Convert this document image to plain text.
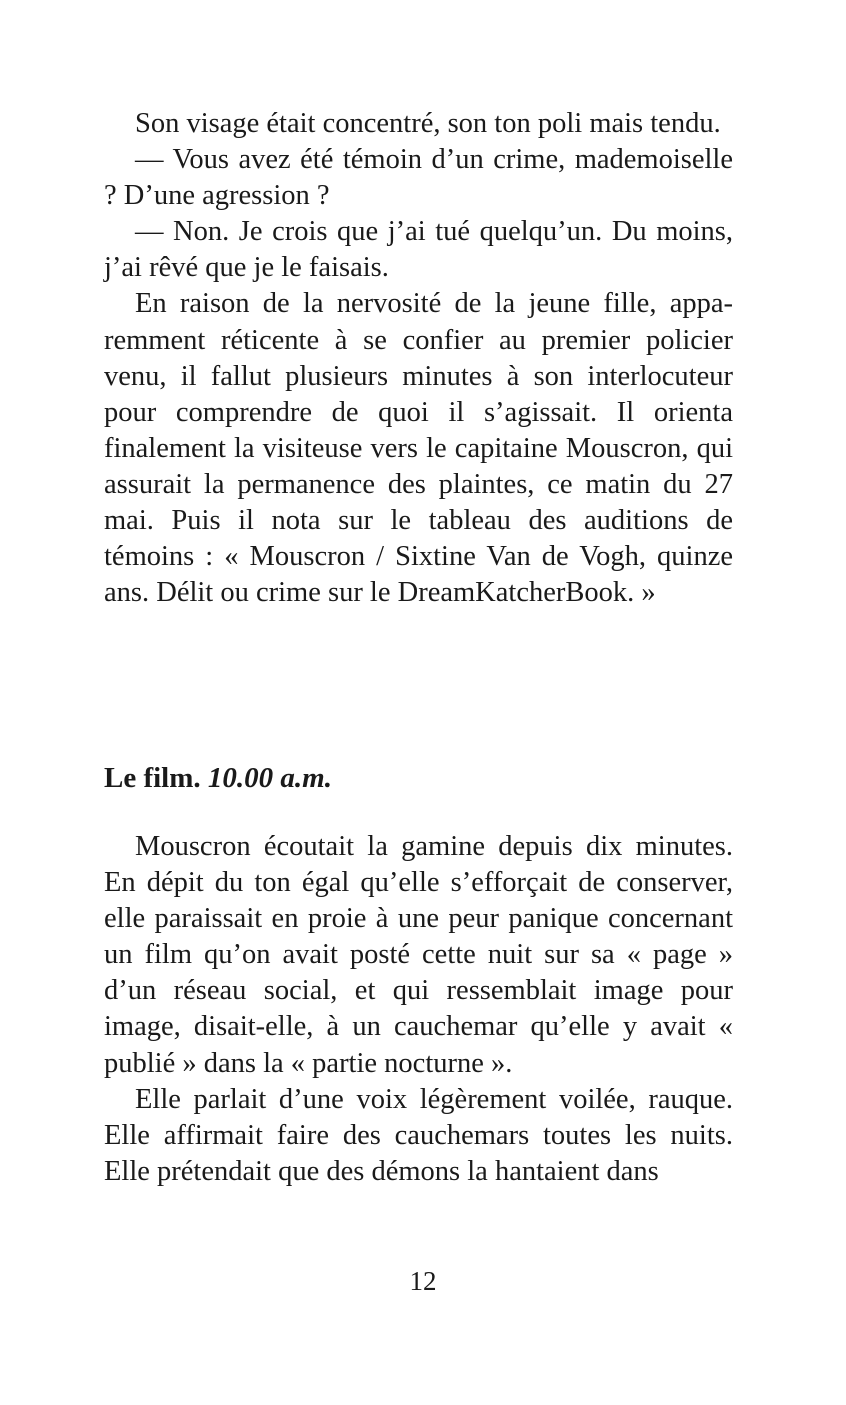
Son visage était concentré, son ton poli mais tendu.

— Vous avez été témoin d’un crime, mademoiselle ? D’une agression ?

— Non. Je crois que j’ai tué quelqu’un. Du moins, j’ai rêvé que je le faisais.

En raison de la nervosité de la jeune fille, apparemment réticente à se confier au premier policier venu, il fallut plusieurs minutes à son interlocuteur pour comprendre de quoi il s’agissait. Il orienta finalement la visiteuse vers le capitaine Mouscron, qui assurait la permanence des plaintes, ce matin du 27 mai. Puis il nota sur le tableau des auditions de témoins : « Mouscron / Sixtine Van de Vogh, quinze ans. Délit ou crime sur le DreamKatcherBook. »

Le film. 10.00 a.m.

Mouscron écoutait la gamine depuis dix minutes. En dépit du ton égal qu’elle s’efforçait de conserver, elle paraissait en proie à une peur panique concernant un film qu’on avait posté cette nuit sur sa « page » d’un réseau social, et qui ressemblait image pour image, disait-elle, à un cauchemar qu’elle y avait « publié » dans la « partie nocturne ».

Elle parlait d’une voix légèrement voilée, rauque. Elle affirmait faire des cauchemars toutes les nuits. Elle prétendait que des démons la hantaient dans

12
